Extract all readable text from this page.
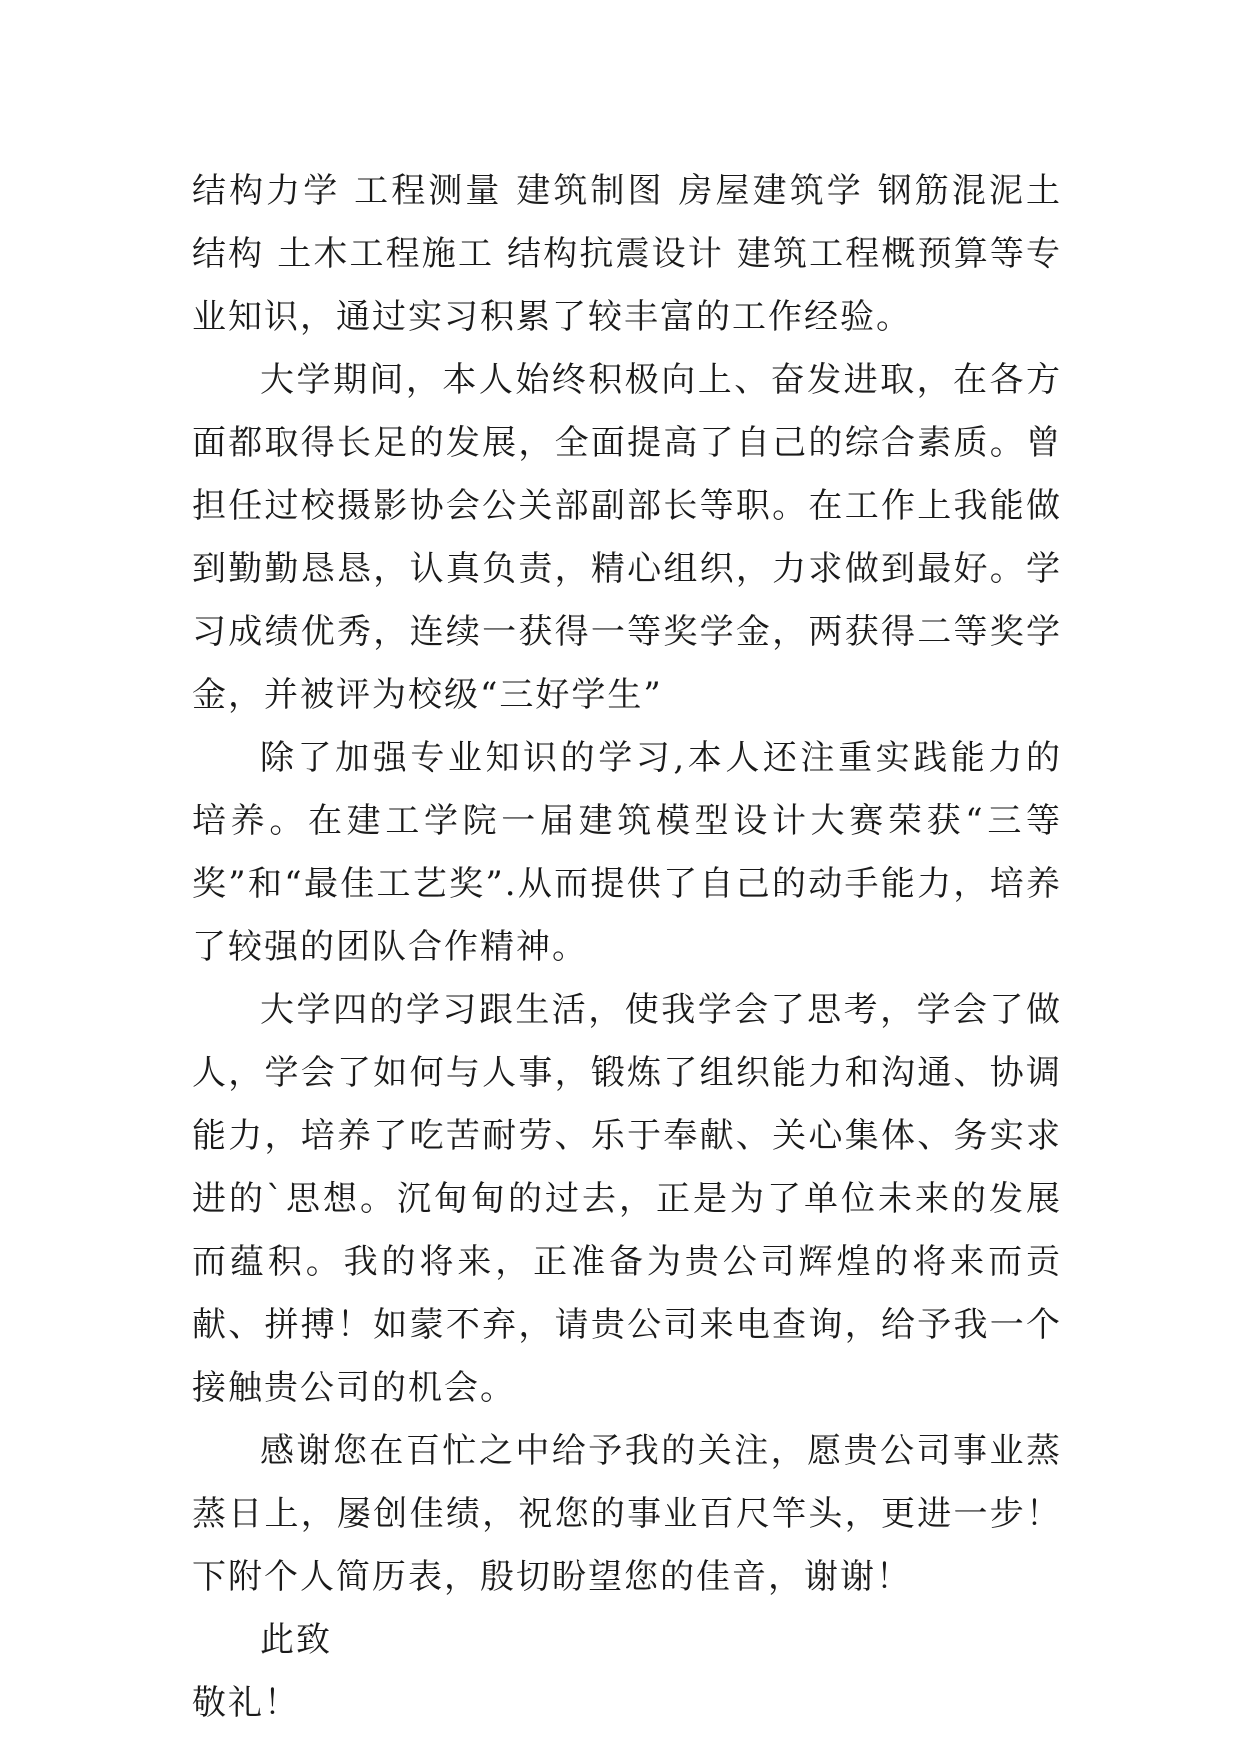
结构力学 工程测量 建筑制图 房屋建筑学 钢筋混泥土结构 土木工程施工 结构抗震设计 建筑工程概预算等专业知识，通过实习积累了较丰富的工作经验。

大学期间，本人始终积极向上、奋发进取，在各方面都取得长足的发展，全面提高了自己的综合素质。曾担任过校摄影协会公关部副部长等职。在工作上我能做到勤勤恳恳，认真负责，精心组织，力求做到最好。学习成绩优秀，连续一获得一等奖学金，两获得二等奖学金，并被评为校级“三好学生”

除了加强专业知识的学习,本人还注重实践能力的培养。在建工学院一届建筑模型设计大赛荣获“三等奖”和“最佳工艺奖”.从而提供了自己的动手能力，培养了较强的团队合作精神。

大学四的学习跟生活，使我学会了思考，学会了做人，学会了如何与人事，锻炼了组织能力和沟通、协调能力，培养了吃苦耐劳、乐于奉献、关心集体、务实求进的`思想。沉甸甸的过去，正是为了单位未来的发展而蕴积。我的将来，正准备为贵公司辉煌的将来而贡献、拼搏！如蒙不弃，请贵公司来电查询，给予我一个接触贵公司的机会。

感谢您在百忙之中给予我的关注，愿贵公司事业蒸蒸日上，屡创佳绩，祝您的事业百尺竿头，更进一步！下附个人简历表，殷切盼望您的佳音，谢谢！

此致

敬礼！
